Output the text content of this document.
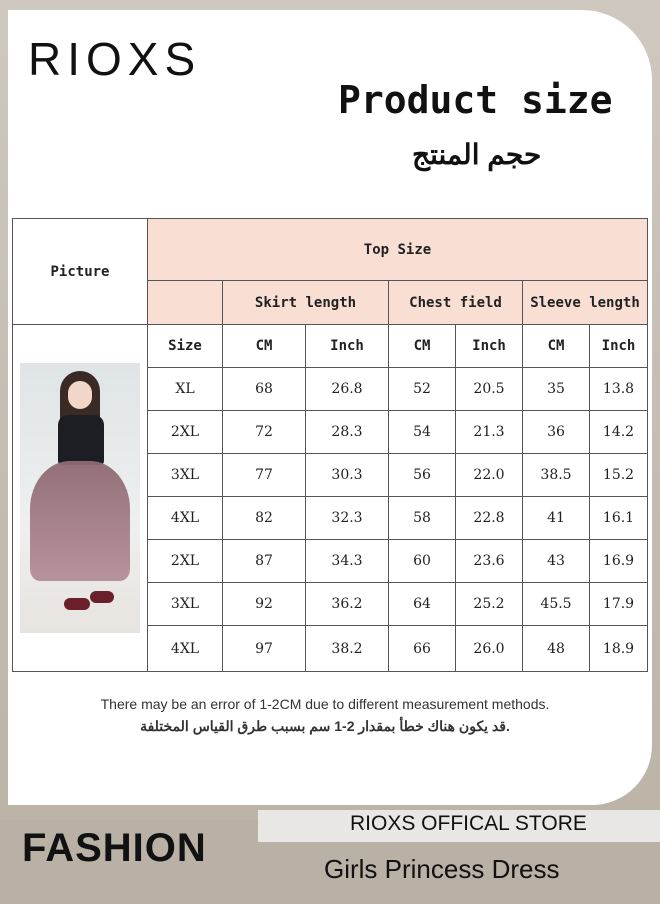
RIOXS
Product size
حجم المنتج
Picture	Top Size						
		Skirt length		Chest field		Sleeve length	

	Size	CM	Inch	CM	Inch	CM	Inch
	XL	68	26.8	52	20.5	35	13.8
	2XL	72	28.3	54	21.3	36	14.2
	3XL	77	30.3	56	22.0	38.5	15.2
	4XL	82	32.3	58	22.8	41	16.1
	2XL	87	34.3	60	23.6	43	16.9
	3XL	92	36.2	64	25.2	45.5	17.9
	4XL	97	38.2	66	26.0	48	18.9
There may be an error of 1-2CM due to different measurement methods.
.قد يكون هناك خطأ بمقدار 2-1 سم بسبب طرق القياس المختلفة
FASHION
RIOXS OFFICAL STORE
Girls Princess Dress
